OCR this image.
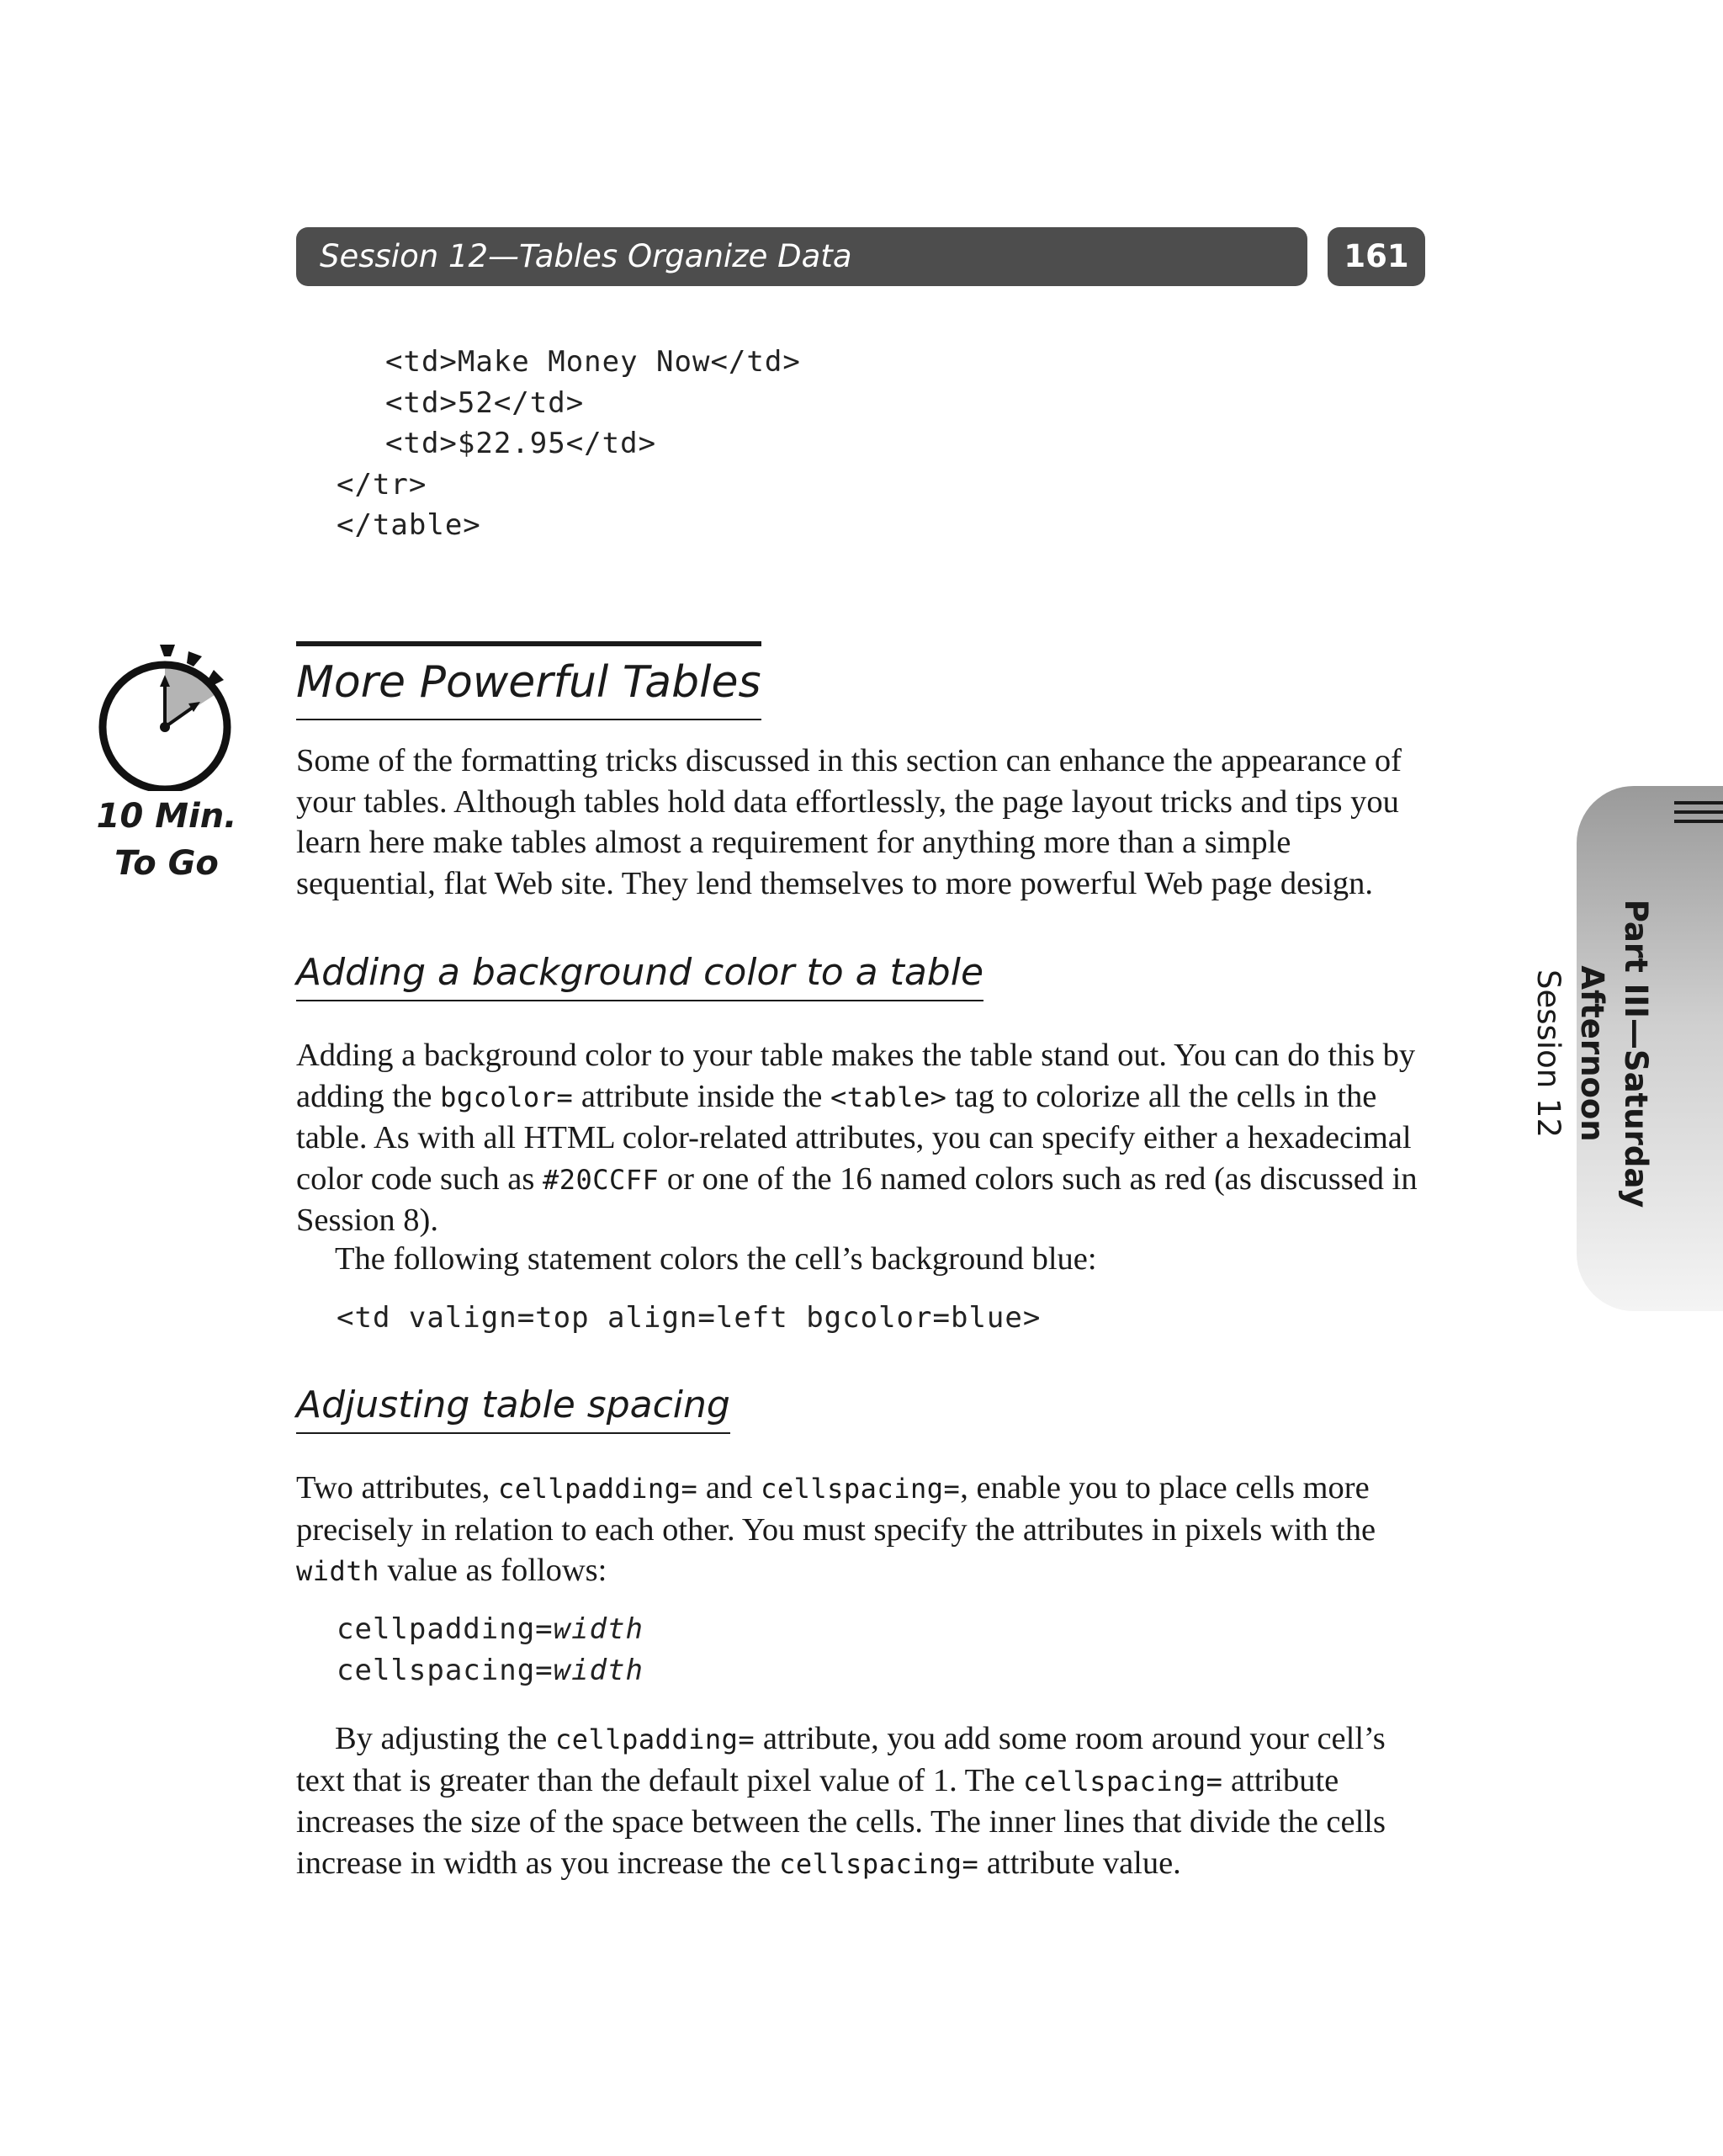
Session 12—Tables Organize Data	161
<td>Make Money Now</td>
<td>52</td>
<td>$22.95</td>
</tr>
</table>
10 Min.
To Go
More Powerful Tables

Some of the formatting tricks discussed in this section can enhance the appearance of your tables. Although tables hold data effortlessly, the page layout tricks and tips you learn here make tables almost a requirement for anything more than a simple sequential, flat Web site. They lend themselves to more powerful Web page design.

Adding a background color to a table

Adding a background color to your table makes the table stand out. You can do this by adding the bgcolor= attribute inside the <table> tag to colorize all the cells in the table. As with all HTML color-related attributes, you can specify either a hexadecimal color code such as #20CCFF or one of the 16 named colors such as red (as discussed in Session 8).

The following statement colors the cell’s background blue:

<td valign=top align=left bgcolor=blue>
Adjusting table spacing

Two attributes, cellpadding= and cellspacing=, enable you to place cells more precisely in relation to each other. You must specify the attributes in pixels with the width value as follows:

cellpadding=width
cellspacing=width

By adjusting the cellpadding= attribute, you add some room around your cell’s text that is greater than the default pixel value of 1. The cellspacing= attribute increases the size of the space between the cells. The inner lines that divide the cells increase in width as you increase the cellspacing= attribute value.

Part III—Saturday Afternoon
Session 12
